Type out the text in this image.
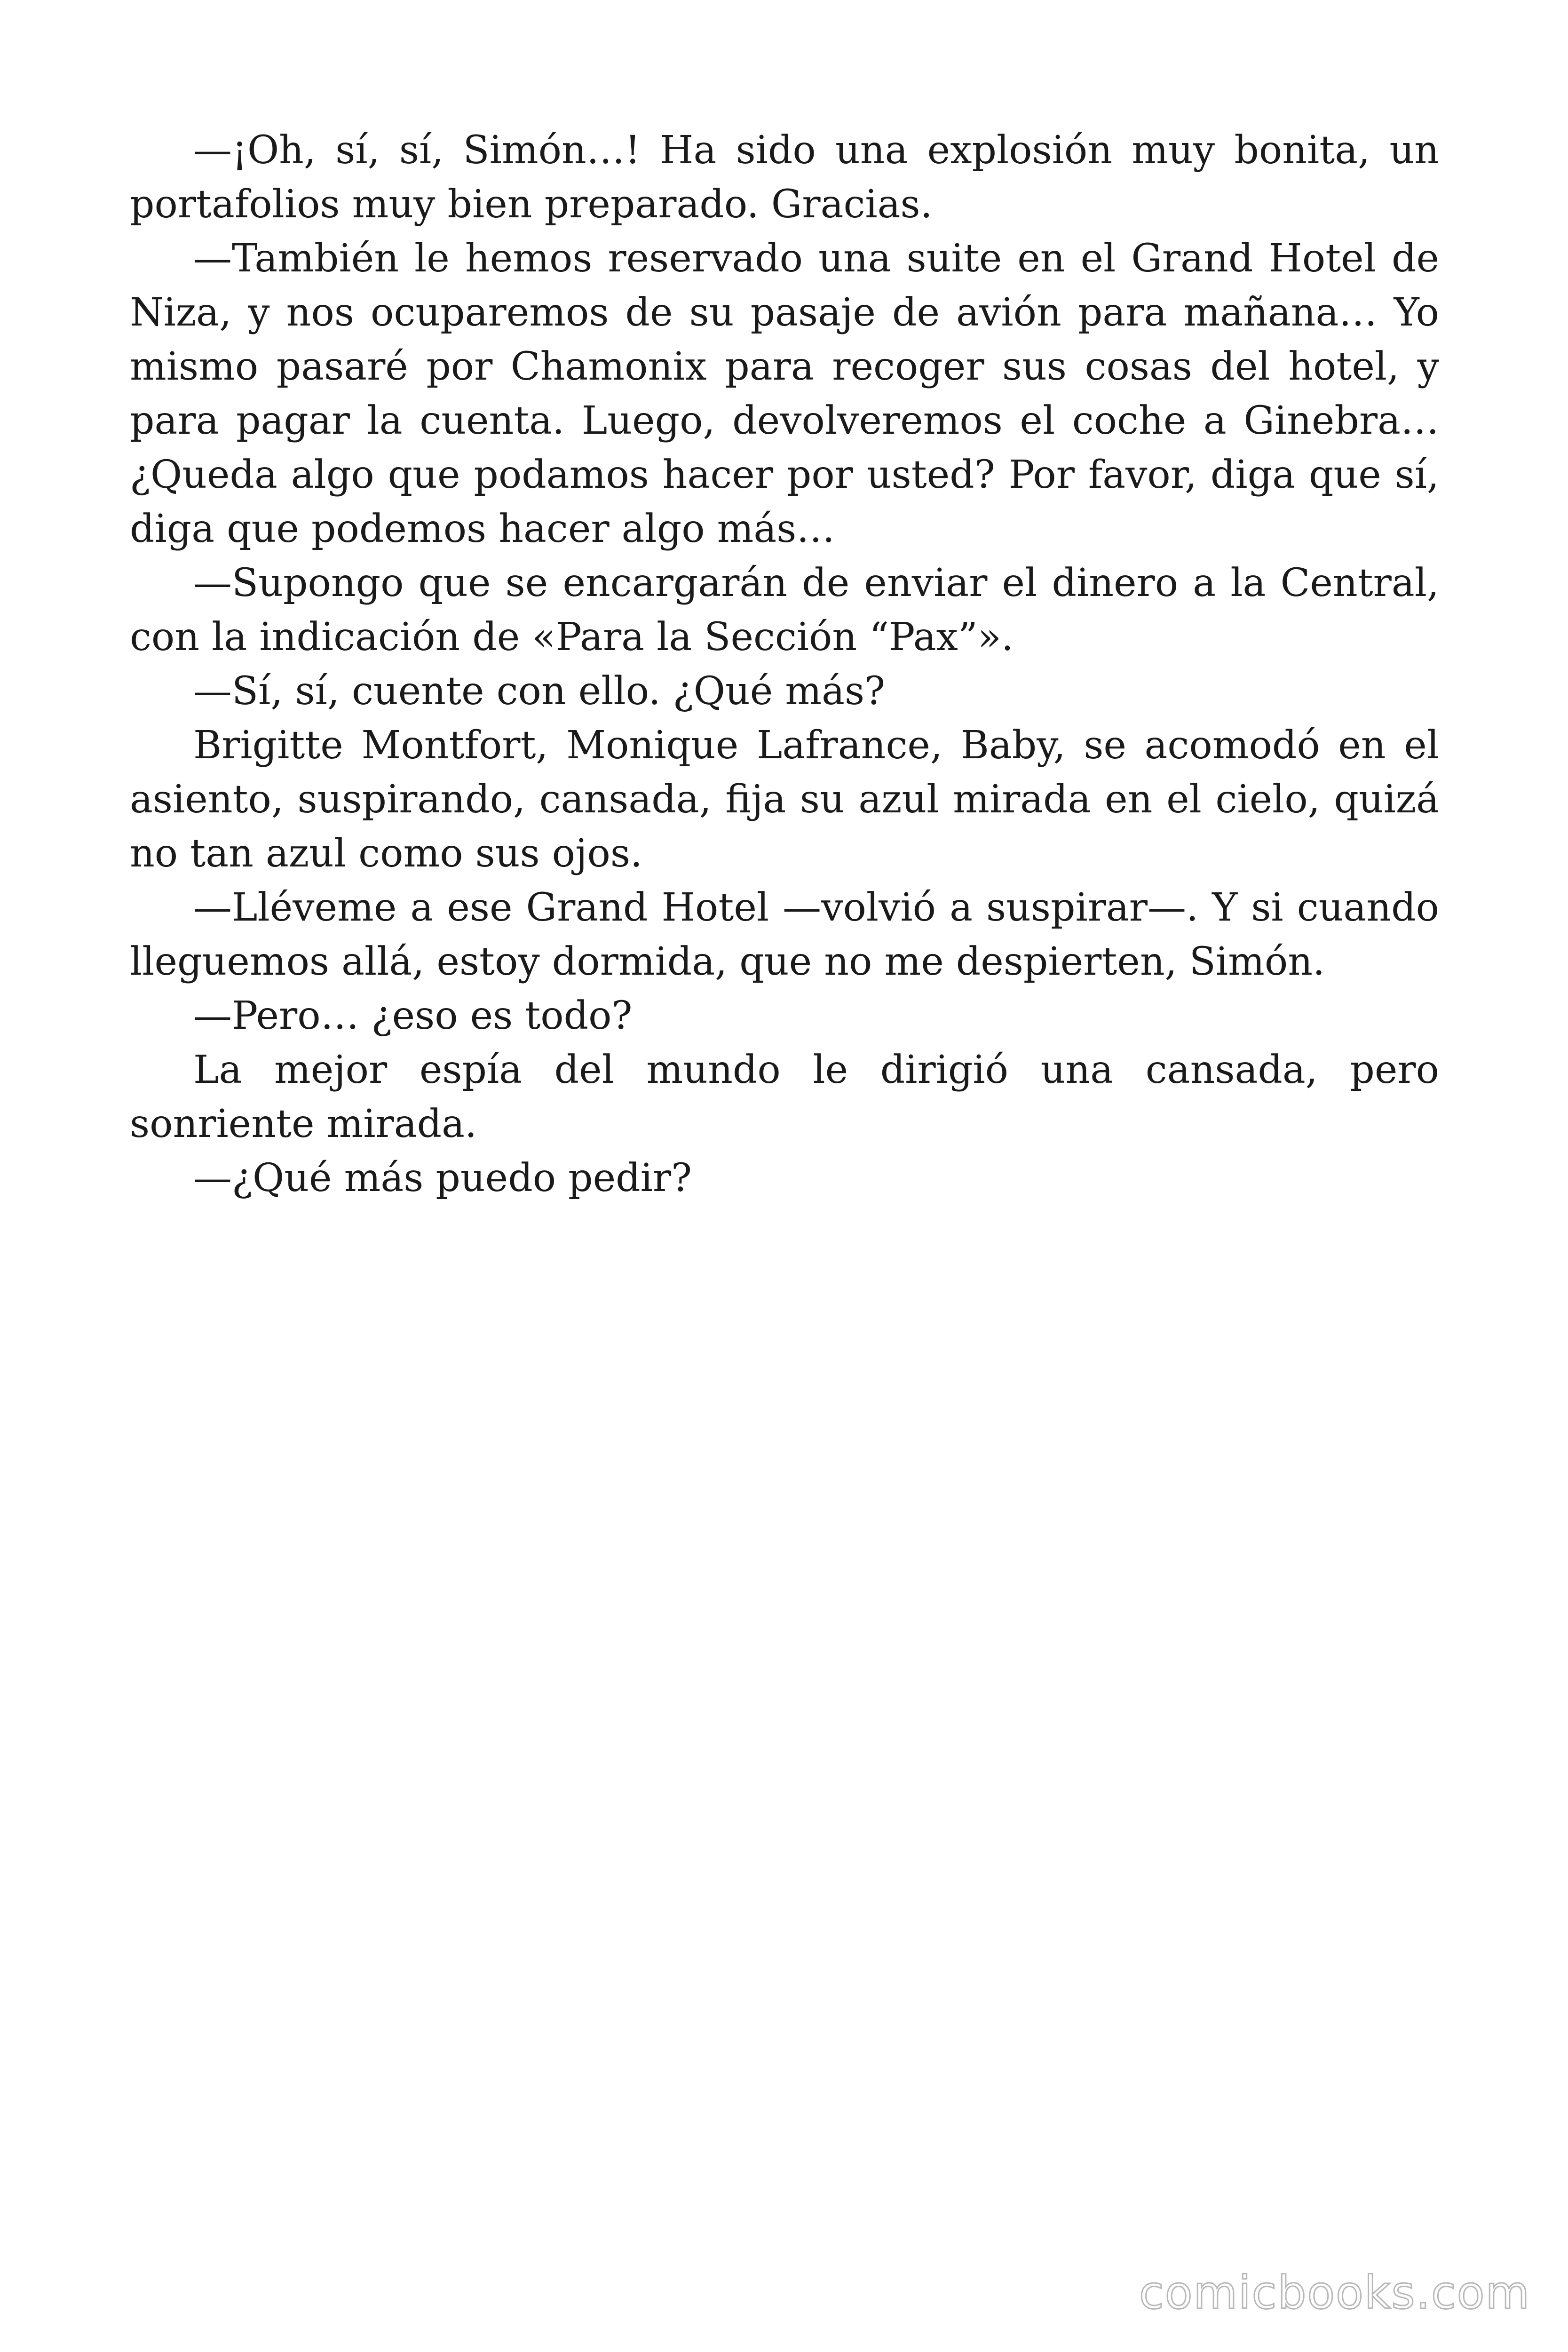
—¡Oh, sí, sí, Simón…! Ha sido una explosión muy bonita, un portafolios muy bien preparado. Gracias.

—También le hemos reservado una suite en el Grand Hotel de Niza, y nos ocuparemos de su pasaje de avión para mañana… Yo mismo pasaré por Chamonix para recoger sus cosas del hotel, y para pagar la cuenta. Luego, devolveremos el coche a Ginebra… ¿Queda algo que podamos hacer por usted? Por favor, diga que sí, diga que podemos hacer algo más…

—Supongo que se encargarán de enviar el dinero a la Central, con la indicación de «Para la Sección “Pax”».

—Sí, sí, cuente con ello. ¿Qué más?

Brigitte Montfort, Monique Lafrance, Baby, se acomodó en el asiento, suspirando, cansada, fija su azul mirada en el cielo, quizá no tan azul como sus ojos.

—Lléveme a ese Grand Hotel —volvió a suspirar—. Y si cuando lleguemos allá, estoy dormida, que no me despierten, Simón.

—Pero… ¿eso es todo?

La mejor espía del mundo le dirigió una cansada, pero sonriente mirada.

—¿Qué más puedo pedir?

comicbooks.com
